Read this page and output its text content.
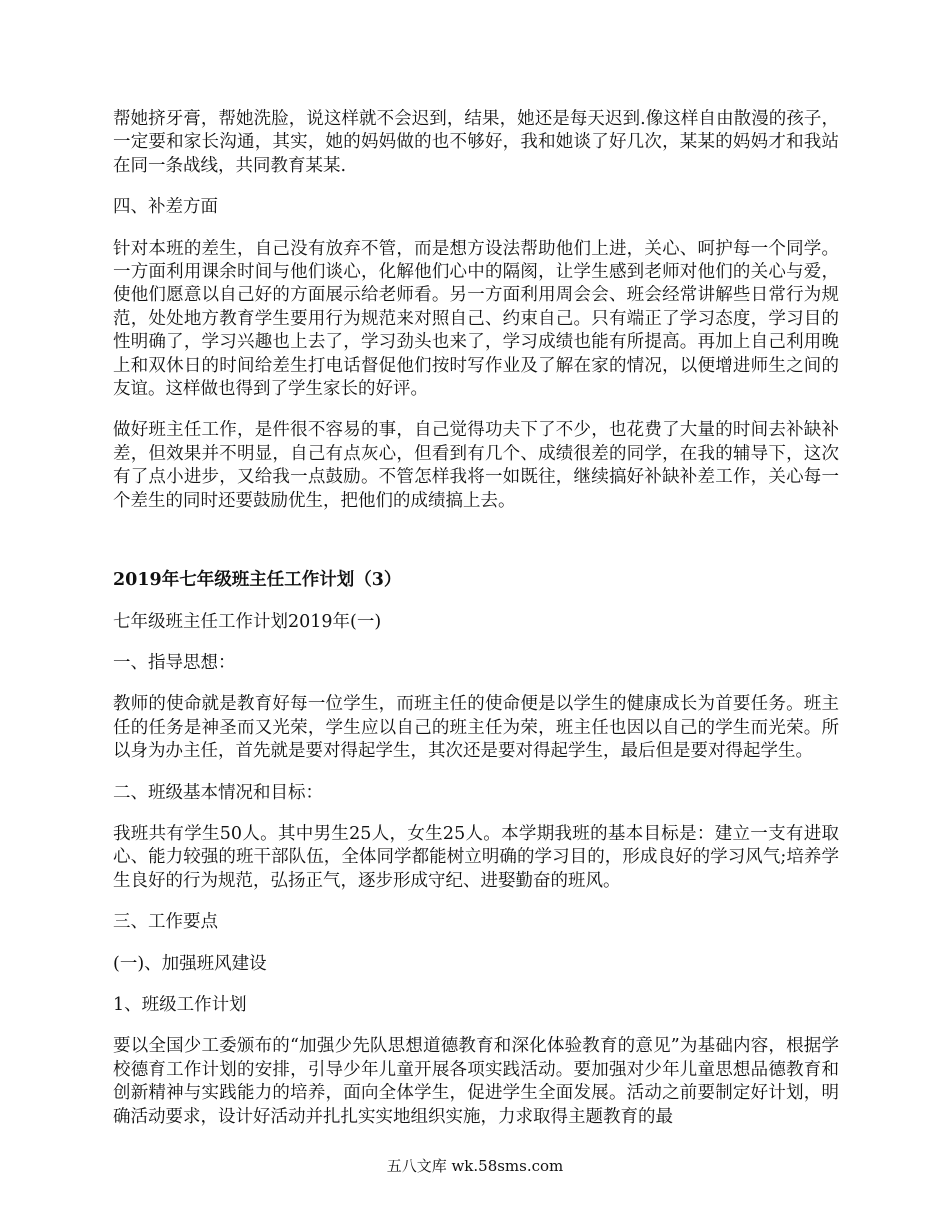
帮她挤牙膏，帮她洗脸，说这样就不会迟到，结果，她还是每天迟到.像这样自由散漫的孩子，一定要和家长沟通，其实，她的妈妈做的也不够好，我和她谈了好几次，某某的妈妈才和我站在同一条战线，共同教育某某.

四、补差方面

针对本班的差生，自己没有放弃不管，而是想方设法帮助他们上进，关心、呵护每一个同学。一方面利用课余时间与他们谈心，化解他们心中的隔阂，让学生感到老师对他们的关心与爱，使他们愿意以自己好的方面展示给老师看。另一方面利用周会会、班会经常讲解些日常行为规范，处处地方教育学生要用行为规范来对照自己、约束自己。只有端正了学习态度，学习目的性明确了，学习兴趣也上去了，学习劲头也来了，学习成绩也能有所提高。再加上自己利用晚上和双休日的时间给差生打电话督促他们按时写作业及了解在家的情况，以便增进师生之间的友谊。这样做也得到了学生家长的好评。

做好班主任工作，是件很不容易的事，自己觉得功夫下了不少，也花费了大量的时间去补缺补差，但效果并不明显，自己有点灰心，但看到有几个、成绩很差的同学，在我的辅导下，这次有了点小进步，又给我一点鼓励。不管怎样我将一如既往，继续搞好补缺补差工作，关心每一个差生的同时还要鼓励优生，把他们的成绩搞上去。

2019年七年级班主任工作计划（3）

七年级班主任工作计划2019年(一)

一、指导思想：

教师的使命就是教育好每一位学生，而班主任的使命便是以学生的健康成长为首要任务。班主任的任务是神圣而又光荣，学生应以自己的班主任为荣，班主任也因以自己的学生而光荣。所以身为办主任，首先就是要对得起学生，其次还是要对得起学生，最后但是要对得起学生。

二、班级基本情况和目标：

我班共有学生50人。其中男生25人，女生25人。本学期我班的基本目标是：建立一支有进取心、能力较强的班干部队伍，全体同学都能树立明确的学习目的，形成良好的学习风气;培养学生良好的行为规范，弘扬正气，逐步形成守纪、进娶勤奋的班风。

三、工作要点

(一)、加强班风建设

1、班级工作计划

要以全国少工委颁布的“加强少先队思想道德教育和深化体验教育的意见”为基础内容，根据学校德育工作计划的安排，引导少年儿童开展各项实践活动。要加强对少年儿童思想品德教育和创新精神与实践能力的培养，面向全体学生，促进学生全面发展。活动之前要制定好计划，明确活动要求，设计好活动并扎扎实实地组织实施，力求取得主题教育的最

五八文库 wk.58sms.com
